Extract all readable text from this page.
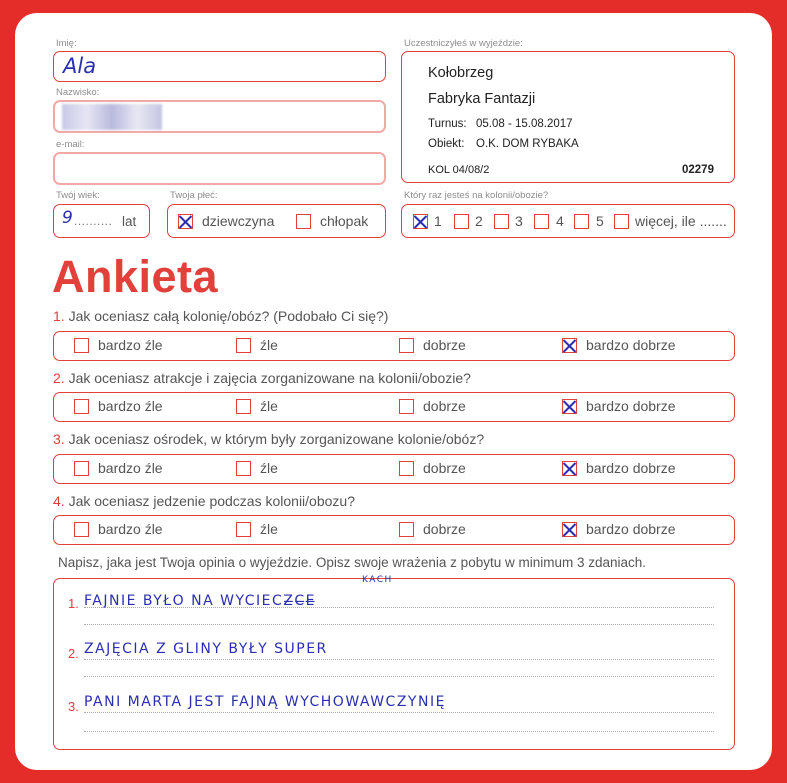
Imię:
Ala
Nazwisko:
e-mail:
Twój wiek:
9 .......... lat
Twoja płeć:
dziewczyna	chłopak
Uczestniczyłeś w wyjeździe:
Kołobrzeg
Fabryka Fantazji
Turnus: 05.08 - 15.08.2017
Obiekt: O.K. DOM RYBAKA
KOL 04/08/2	02279
Który raz jesteś na kolonii/obozie?
1 2 3 4 5 więcej, ile .......
Ankieta
1. Jak oceniasz całą kolonię/obóz? (Podobało Ci się?)
bardzo źle	źle	dobrze	bardzo dobrze
2. Jak oceniasz atrakcje i zajęcia zorganizowane na kolonii/obozie?
bardzo źle	źle	dobrze	bardzo dobrze
3. Jak oceniasz ośrodek, w którym były zorganizowane kolonie/obóz?
bardzo źle	źle	dobrze	bardzo dobrze
4. Jak oceniasz jedzenie podczas kolonii/obozu?
bardzo źle	źle	dobrze	bardzo dobrze
Napisz, jaka jest Twoja opinia o wyjeździe. Opisz swoje wrażenia z pobytu w minimum 3 zdaniach.
1. FAJNIE BYŁO NA WYCIECZ̶C̶E̶
KACH
2. ZAJĘCIA Z GLINY BYŁY SUPER
3. PANI MARTA JEST FAJNĄ WYCHOWAWCZYNIĘ
